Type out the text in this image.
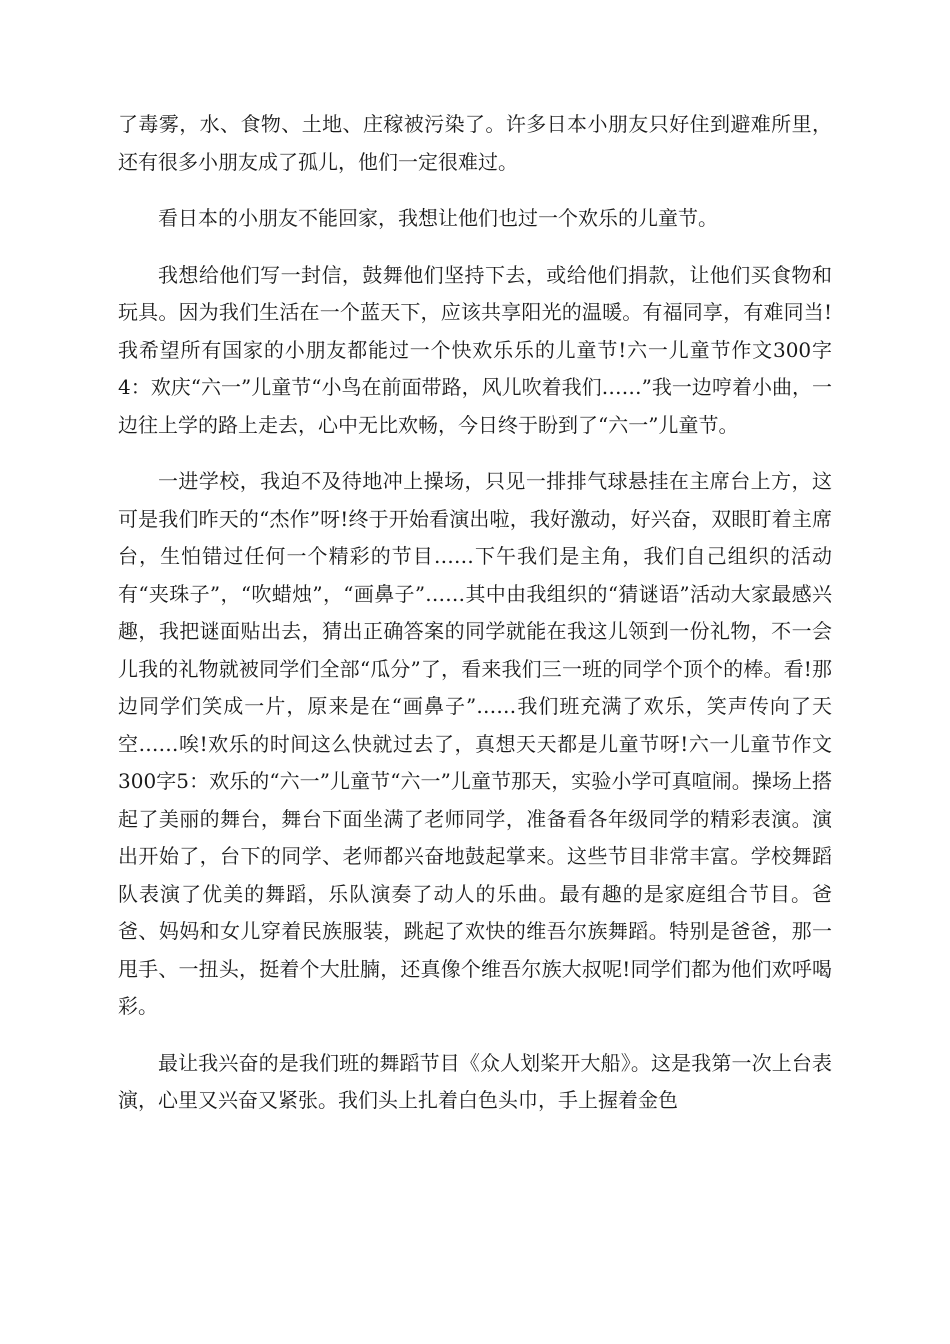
了毒雾，水、食物、土地、庄稼被污染了。许多日本小朋友只好住到避难所里，还有很多小朋友成了孤儿，他们一定很难过。

看日本的小朋友不能回家，我想让他们也过一个欢乐的儿童节。

我想给他们写一封信，鼓舞他们坚持下去，或给他们捐款，让他们买食物和玩具。因为我们生活在一个蓝天下，应该共享阳光的温暖。有福同享，有难同当!我希望所有国家的小朋友都能过一个快欢乐乐的儿童节!六一儿童节作文300字4：欢庆“六一”儿童节“小鸟在前面带路，风儿吹着我们……”我一边哼着小曲，一边往上学的路上走去，心中无比欢畅，今日终于盼到了“六一”儿童节。

一进学校，我迫不及待地冲上操场，只见一排排气球悬挂在主席台上方，这可是我们昨天的“杰作”呀!终于开始看演出啦，我好激动，好兴奋，双眼盯着主席台，生怕错过任何一个精彩的节目……下午我们是主角，我们自己组织的活动有“夹珠子”，“吹蜡烛”，“画鼻子”……其中由我组织的“猜谜语”活动大家最感兴趣，我把谜面贴出去，猜出正确答案的同学就能在我这儿领到一份礼物，不一会儿我的礼物就被同学们全部“瓜分”了，看来我们三一班的同学个顶个的棒。看!那边同学们笑成一片，原来是在“画鼻子”……我们班充满了欢乐，笑声传向了天空……唉!欢乐的时间这么快就过去了，真想天天都是儿童节呀!六一儿童节作文300字5：欢乐的“六一”儿童节“六一”儿童节那天，实验小学可真喧闹。操场上搭起了美丽的舞台，舞台下面坐满了老师同学，准备看各年级同学的精彩表演。演出开始了，台下的同学、老师都兴奋地鼓起掌来。这些节目非常丰富。学校舞蹈队表演了优美的舞蹈，乐队演奏了动人的乐曲。最有趣的是家庭组合节目。爸爸、妈妈和女儿穿着民族服装，跳起了欢快的维吾尔族舞蹈。特别是爸爸，那一甩手、一扭头，挺着个大肚腩，还真像个维吾尔族大叔呢!同学们都为他们欢呼喝彩。

最让我兴奋的是我们班的舞蹈节目《众人划桨开大船》。这是我第一次上台表演，心里又兴奋又紧张。我们头上扎着白色头巾，手上握着金色
